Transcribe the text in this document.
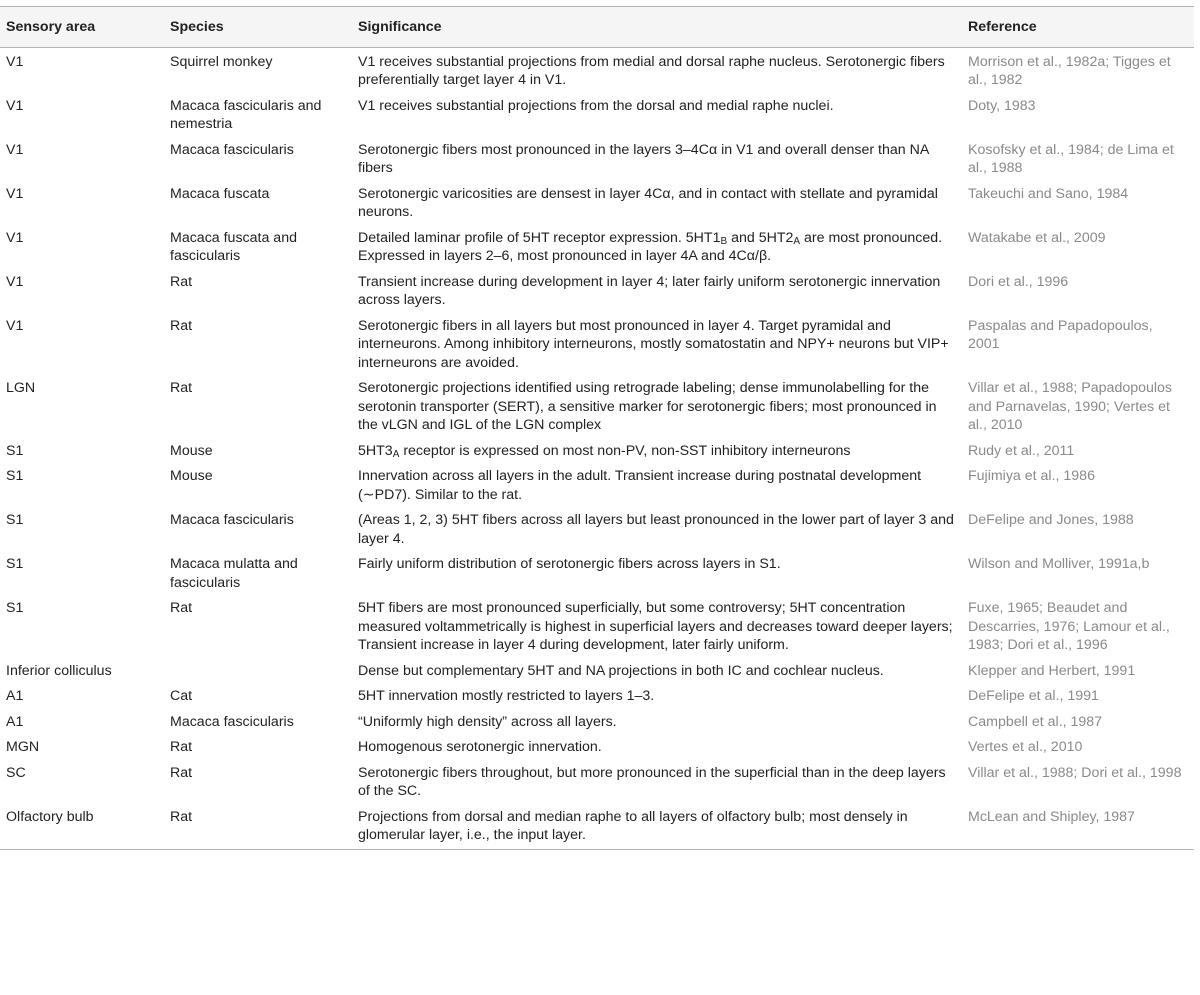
Sensory area	Species	Significance	Reference
V1	Squirrel monkey	V1 receives substantial projections from medial and dorsal raphe nucleus. Serotonergic fibers preferentially target layer 4 in V1.	Morrison et al., 1982a; Tigges et al., 1982
V1	Macaca fascicularis and nemestria	V1 receives substantial projections from the dorsal and medial raphe nuclei.	Doty, 1983
V1	Macaca fascicularis	Serotonergic fibers most pronounced in the layers 3–4Cα in V1 and overall denser than NA fibers	Kosofsky et al., 1984; de Lima et al., 1988
V1	Macaca fuscata	Serotonergic varicosities are densest in layer 4Cα, and in contact with stellate and pyramidal neurons.	Takeuchi and Sano, 1984
V1	Macaca fuscata and fascicularis	Detailed laminar profile of 5HT receptor expression. $5HT1_B$ and $5HT2_A$ are most pronounced. Expressed in layers 2–6, most pronounced in layer 4A and 4Cα/β.	Watakabe et al., 2009
V1	Rat	Transient increase during development in layer 4; later fairly uniform serotonergic innervation across layers.	Dori et al., 1996
V1	Rat	Serotonergic fibers in all layers but most pronounced in layer 4. Target pyramidal and interneurons. Among inhibitory interneurons, mostly somatostatin and NPY+ neurons but VIP+ interneurons are avoided.	Paspalas and Papadopoulos, 2001
LGN	Rat	Serotonergic projections identified using retrograde labeling; dense immunolabelling for the serotonin transporter (SERT), a sensitive marker for serotonergic fibers; most pronounced in the vLGN and IGL of the LGN complex	Villar et al., 1988; Papadopoulos and Parnavelas, 1990; Vertes et al., 2010
S1	Mouse	$5HT3_A$ receptor is expressed on most non-PV, non-SST inhibitory interneurons	Rudy et al., 2011
S1	Mouse	Innervation across all layers in the adult. Transient increase during postnatal development (∼PD7). Similar to the rat.	Fujimiya et al., 1986
S1	Macaca fascicularis	(Areas 1, 2, 3) 5HT fibers across all layers but least pronounced in the lower part of layer 3 and layer 4.	DeFelipe and Jones, 1988
S1	Macaca mulatta and fascicularis	Fairly uniform distribution of serotonergic fibers across layers in S1.	Wilson and Molliver, 1991a,b
S1	Rat	5HT fibers are most pronounced superficially, but some controversy; 5HT concentration measured voltammetrically is highest in superficial layers and decreases toward deeper layers; Transient increase in layer 4 during development, later fairly uniform.	Fuxe, 1965; Beaudet and Descarries, 1976; Lamour et al., 1983; Dori et al., 1996
Inferior colliculus		Dense but complementary 5HT and NA projections in both IC and cochlear nucleus.	Klepper and Herbert, 1991
A1	Cat	5HT innervation mostly restricted to layers 1–3.	DeFelipe et al., 1991
A1	Macaca fascicularis	“Uniformly high density” across all layers.	Campbell et al., 1987
MGN	Rat	Homogenous serotonergic innervation.	Vertes et al., 2010
SC	Rat	Serotonergic fibers throughout, but more pronounced in the superficial than in the deep layers of the SC.	Villar et al., 1988; Dori et al., 1998
Olfactory bulb	Rat	Projections from dorsal and median raphe to all layers of olfactory bulb; most densely in glomerular layer, i.e., the input layer.	McLean and Shipley, 1987
